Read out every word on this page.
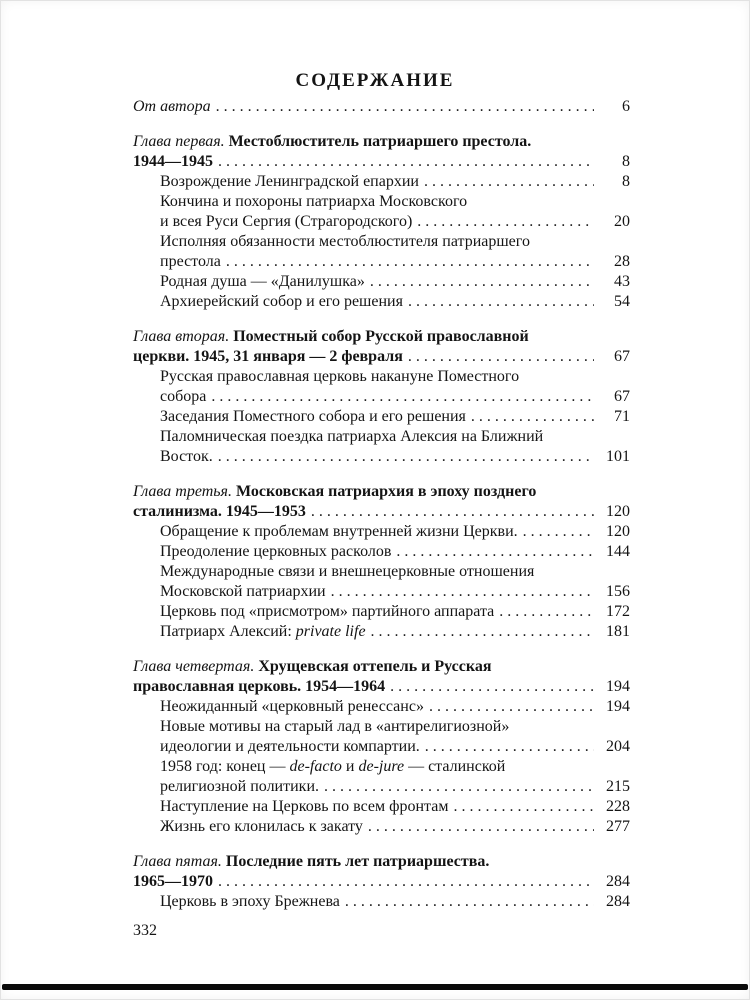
СОДЕРЖАНИЕ
От автора . . .	6
Глава первая. Местоблюститель патриаршего престола.
1944—1945 . . .	8
Возрождение Ленинградской епархии . . .	8
Кончина и похороны патриарха Московского
и всея Руси Сергия (Страгородского) . . .	20
Исполняя обязанности местоблюстителя патриаршего
престола . . .	28
Родная душа — «Данилушка» . . .	43
Архиерейский собор и его решения . . .	54
Глава вторая. Поместный собор Русской православной
церкви. 1945, 31 января — 2 февраля . . .	67
Русская православная церковь накануне Поместного
собора . . .	67
Заседания Поместного собора и его решения . . .	71
Паломническая поездка патриарха Алексия на Ближний
Восток. . . .	101
Глава третья. Московская патриархия в эпоху позднего
сталинизма. 1945—1953 . . .	120
Обращение к проблемам внутренней жизни Церкви. . . .	120
Преодоление церковных расколов . . .	144
Международные связи и внешнецерковные отношения
Московской патриархии . . .	156
Церковь под «присмотром» партийного аппарата . . .	172
Патриарх Алексий: private life . . .	181
Глава четвертая. Хрущевская оттепель и Русская
православная церковь. 1954—1964 . . .	194
Неожиданный «церковный ренессанс» . . .	194
Новые мотивы на старый лад в «антирелигиозной»
идеологии и деятельности компартии. . . .	204
1958 год: конец — de-facto и de-jure — сталинской
религиозной политики. . . .	215
Наступление на Церковь по всем фронтам . . .	228
Жизнь его клонилась к закату . . .	277
Глава пятая. Последние пять лет патриаршества.
1965—1970 . . .	284
Церковь в эпоху Брежнева . . .	284
332
